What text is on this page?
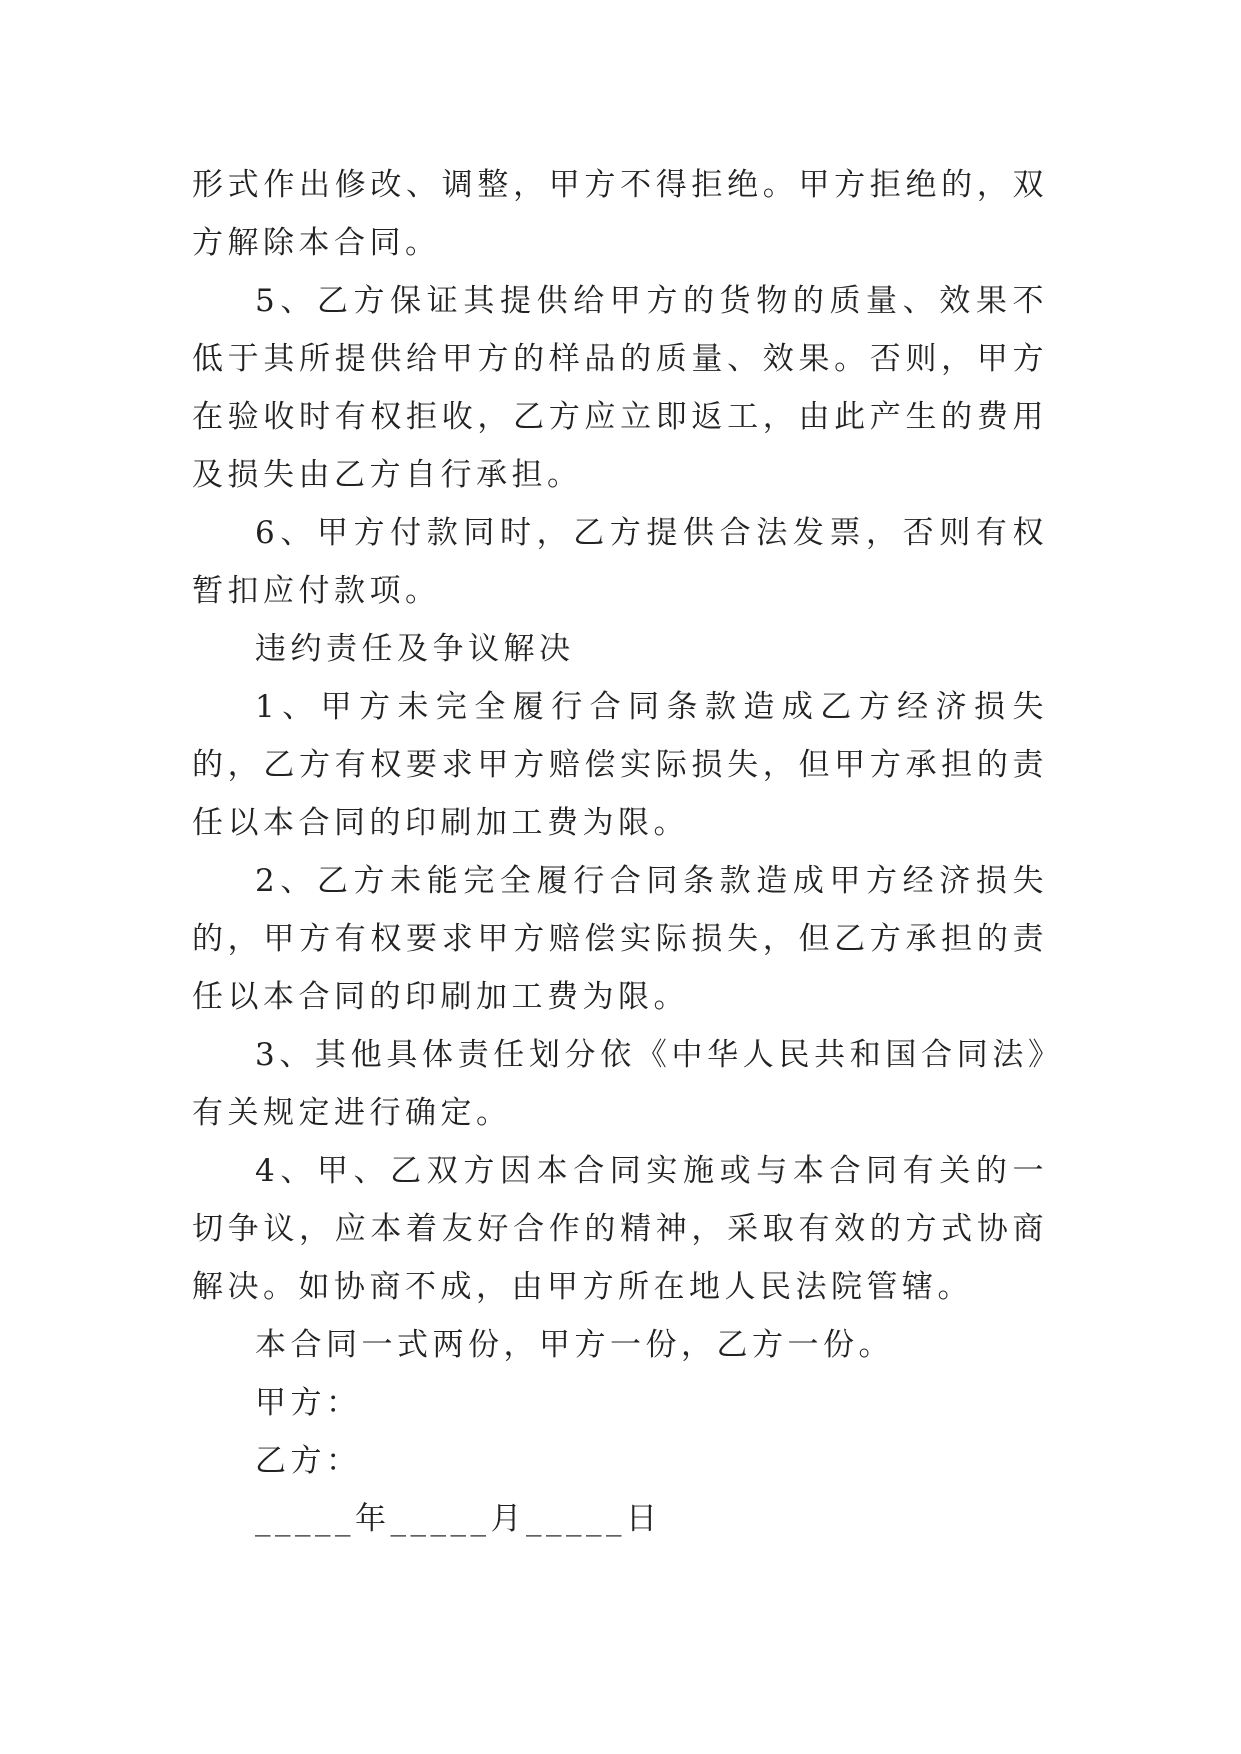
形式作出修改、调整，甲方不得拒绝。甲方拒绝的，双方解除本合同。

5、乙方保证其提供给甲方的货物的质量、效果不低于其所提供给甲方的样品的质量、效果。否则，甲方在验收时有权拒收，乙方应立即返工，由此产生的费用及损失由乙方自行承担。

6、甲方付款同时，乙方提供合法发票，否则有权暂扣应付款项。

违约责任及争议解决

1、甲方未完全履行合同条款造成乙方经济损失的，乙方有权要求甲方赔偿实际损失，但甲方承担的责任以本合同的印刷加工费为限。

2、乙方未能完全履行合同条款造成甲方经济损失的，甲方有权要求甲方赔偿实际损失，但乙方承担的责任以本合同的印刷加工费为限。

3、其他具体责任划分依《中华人民共和国合同法》有关规定进行确定。

4、甲、乙双方因本合同实施或与本合同有关的一切争议，应本着友好合作的精神，采取有效的方式协商解决。如协商不成，由甲方所在地人民法院管辖。

本合同一式两份，甲方一份，乙方一份。

甲方：

乙方：

_____年_____月_____日
